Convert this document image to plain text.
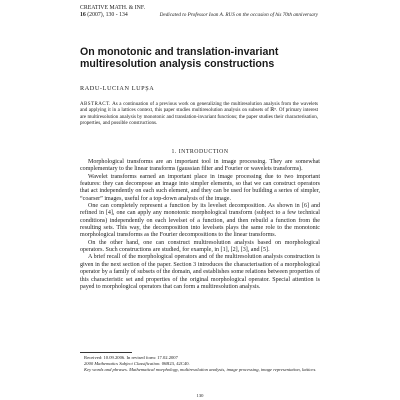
CREATIVE MATH. & INF.
16 (2007), 130 - 134	Dedicated to Professor Ioan A. RUS on the occasion of his 70th anniversary
On monotonic and translation-invariant
multiresolution analysis constructions
RADU-LUCIAN LUPȘA
ABSTRACT. As a continuation of a previous work on generalizing the multiresolution analysis from the wavelets and applying it in a lattices context, this paper studies multiresolution analysis on subsets of ℝⁿ. Of primary interest are multiresolution analysis by monotonic and translation-invariant functions; the paper studies their characterisation, properties, and possible constructions.
1. INTRODUCTION

Morphological transforms are an important tool in image processing. They are somewhat complementary to the linear transforms (gaussian filter and Fourier or wavelets transforms).

Wavelet transforms earned an important place in image processing due to two important features: they can decompose an image into simpler elements, so that we can construct operators that act independently on each such element, and they can be used for building a series of simpler, “coarser” images, useful for a top-down analysis of the image.

One can completely represent a function by its levelset decomposition. As shown in [6] and refined in [4], one can apply any monotonic morphological transform (subject to a few technical conditions) independently on each levelset of a function, and then rebuild a function from the resulting sets. This way, the decomposition into levelsets plays the same role to the monotonic morphological transforms as the Fourier decompositions to the linear transforms.

On the other hand, one can construct multiresolution analysis based on morphological operators. Such constructions are studied, for example, in [1], [2], [3], and [5].

A brief recall of the morphological operators and of the multiresolution analysis construction is given in the next section of the paper. Section 3 introduces the characterisation of a morphological operator by a family of subsets of the domain, and establishes some relations between properties of this characteristic set and properties of the original morphological operator. Special attention is payed to morphological operators that can form a multiresolution analysis.

Received: 10.09.2006. In revised form: 17.02.2007

2000 Mathematics Subject Classification. 06B23, 42C40.

Key words and phrases. Mathematical morphology, multiresolution analysis, image processing, image representation, lattices.

130
